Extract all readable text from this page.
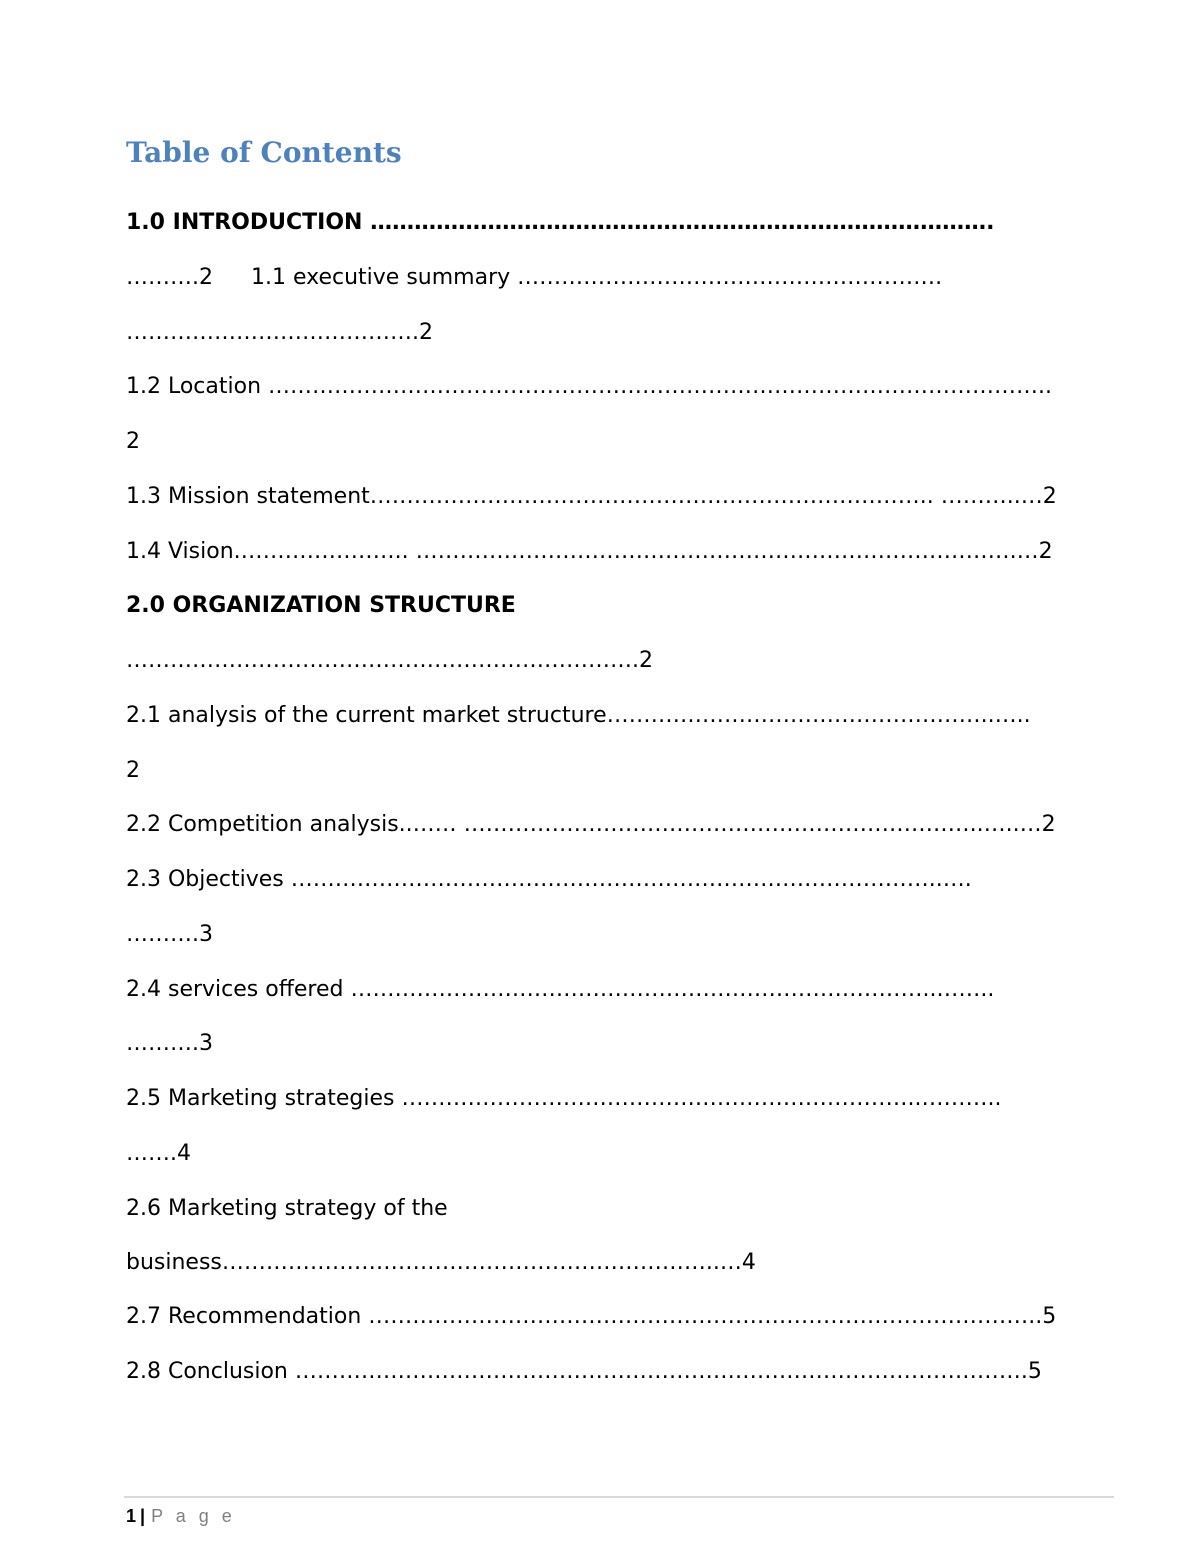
Table of Contents
1.0 INTRODUCTION ………………………………………………………………………….
……….2 1.1 executive summary ………………………………………………….
………………………………….2
1.2 Location ……………………………………………………………………………………………..
2
1.3 Mission statement………………………………………………………………….. ………..…2
1.4 Vision.………………….. ……………………………………………………………………….…2
2.0 ORGANIZATION STRUCTURE
…………………………………………………………….2
2.1 analysis of the current market structure……………………………………………..…..
2
2.2 Competition analysis..…… ……………………………………………………………..…..…2
2.3 Objectives ……………………………………………………………………………..….
……….3
2.4 services offered ……………………………………………………………………..……..
……….3
2.5 Marketing strategies ……………………………………………………………..………..
…….4
2.6 Marketing strategy of the
business…………………………………………………………..…4
2.7 Recommendation ………………………………………………………………………………..5
2.8 Conclusion ……………………………………………………………………………………….5
1 | P a g e
